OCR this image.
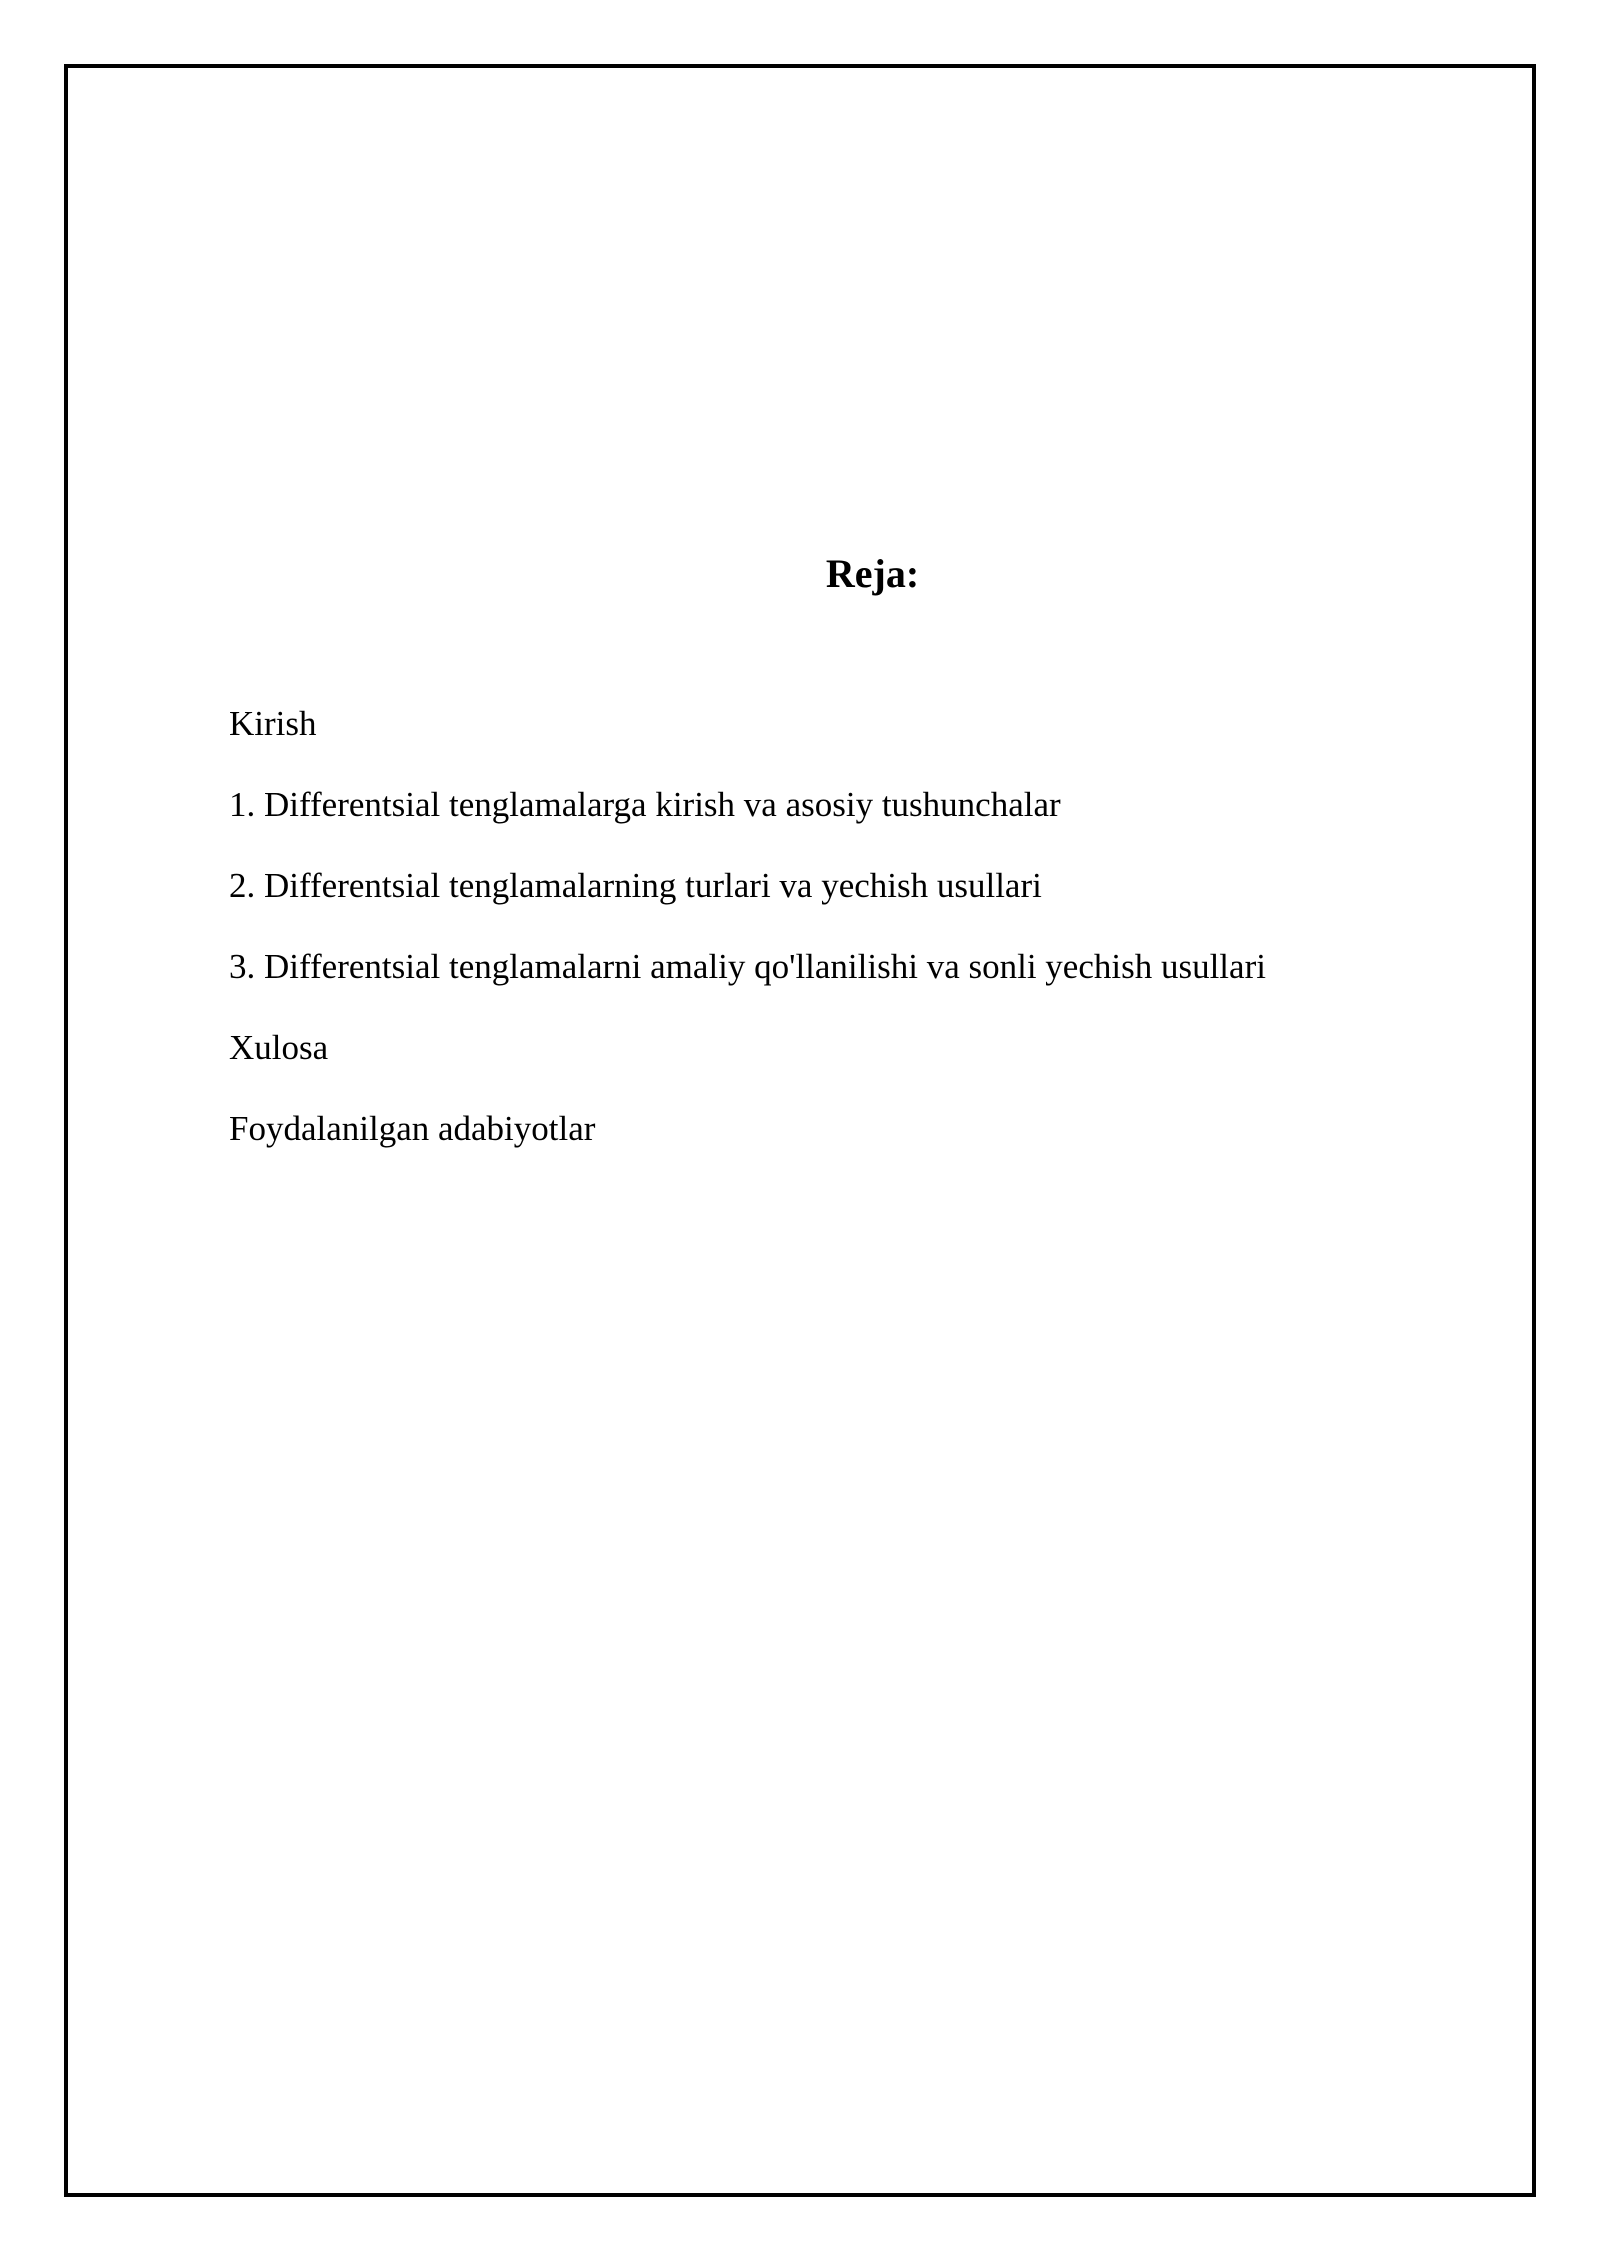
Reja:
Kirish
1. Differentsial tenglamalarga kirish va asosiy tushunchalar
2. Differentsial tenglamalarning turlari va yechish usullari
3. Differentsial tenglamalarni amaliy qo'llanilishi va sonli yechish usullari
Xulosa
Foydalanilgan adabiyotlar
